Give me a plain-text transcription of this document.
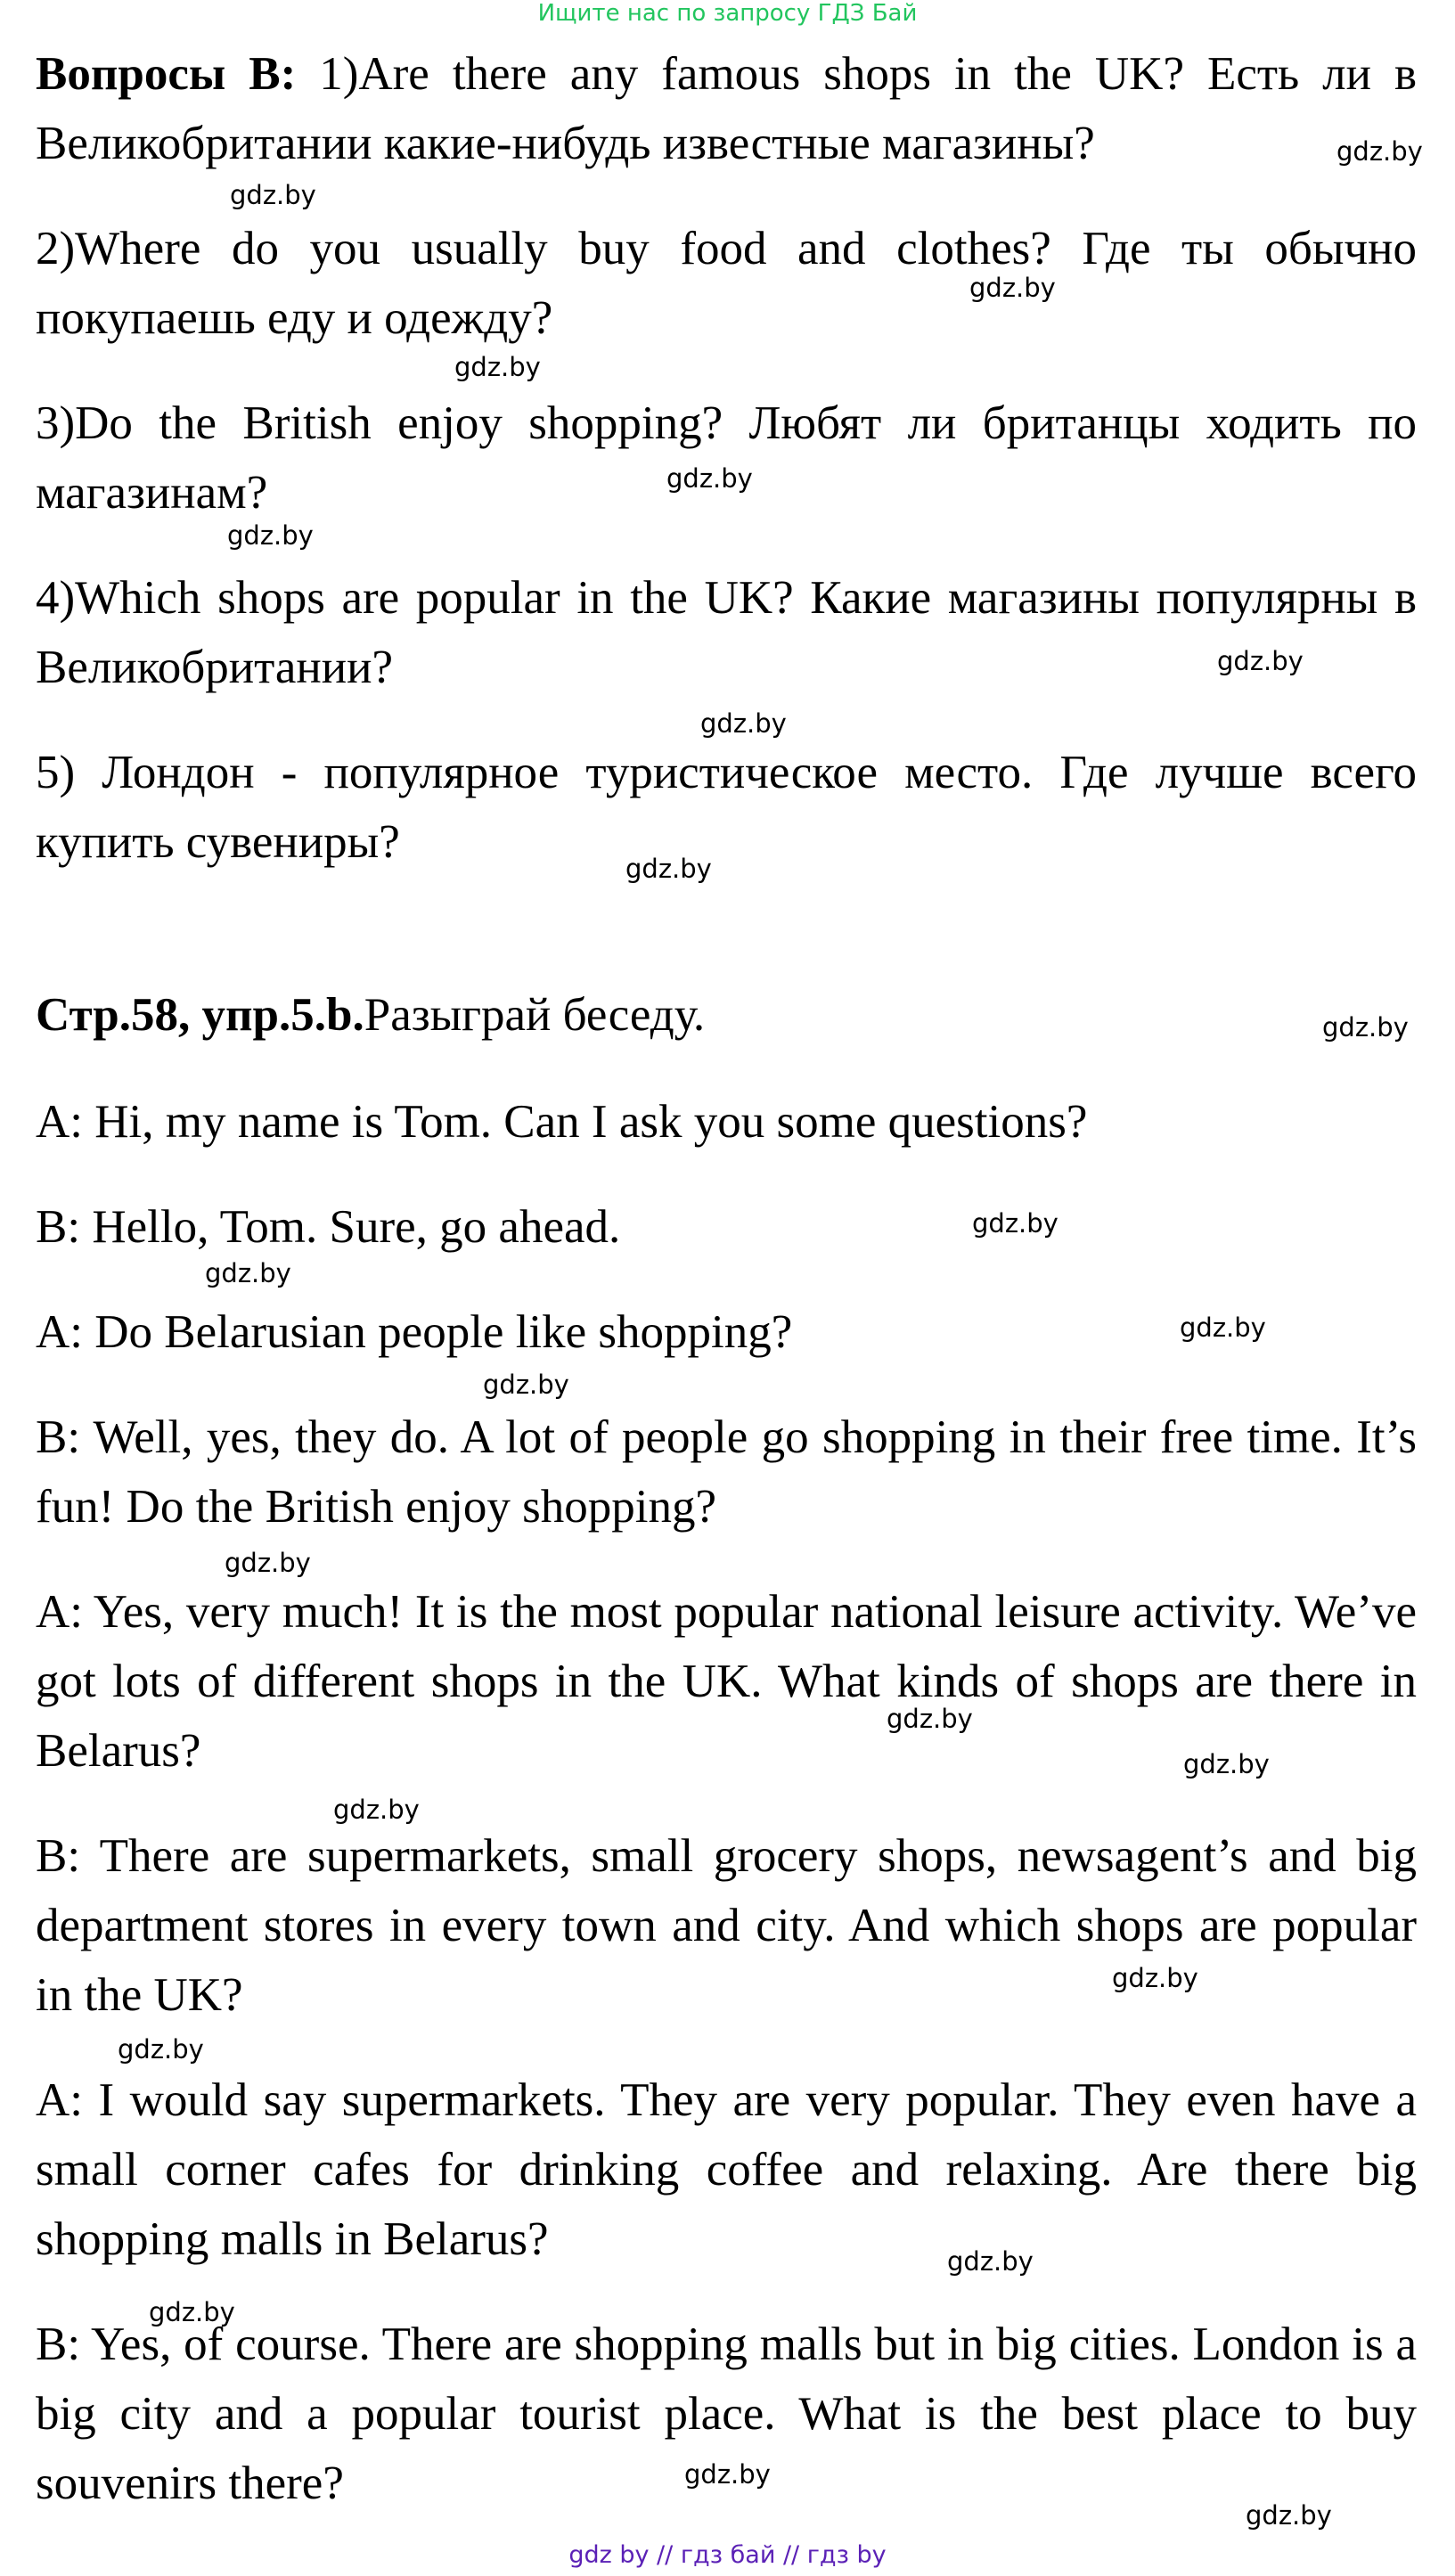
Ищите нас по запросу ГДЗ Бай
Вопросы B: 1)Are there any famous shops in the UK? Есть ли в Великобритании какие-нибудь известные магазины?
2)Where do you usually buy food and clothes? Где ты обычно покупаешь еду и одежду?
3)Do the British enjoy shopping? Любят ли британцы ходить по магазинам?
4)Which shops are popular in the UK? Какие магазины популярны в Великобритании?
5) Лондон - популярное туристическое место. Где лучше всего купить сувениры?
Стр.58, упр.5.b.Разыграй беседу.
A: Hi, my name is Tom. Can I ask you some questions?
B: Hello, Tom. Sure, go ahead.
A: Do Belarusian people like shopping?
B: Well, yes, they do. A lot of people go shopping in their free time. It’s fun! Do the British enjoy shopping?
A: Yes, very much! It is the most popular national leisure activity. We’ve got lots of different shops in the UK. What kinds of shops are there in Belarus?
B: There are supermarkets, small grocery shops, newsagent’s and big department stores in every town and city. And which shops are popular in the UK?
A: I would say supermarkets. They are very popular. They even have a small corner cafes for drinking coffee and relaxing. Are there big shopping malls in Belarus?
B: Yes, of course. There are shopping malls but in big cities. London is a big city and a popular tourist place. What is the best place to buy souvenirs there?
gdz.by
gdz.by
gdz.by
gdz.by
gdz.by
gdz.by
gdz.by
gdz.by
gdz.by
gdz.by
gdz.by
gdz.by
gdz.by
gdz.by
gdz.by
gdz.by
gdz.by
gdz.by
gdz.by
gdz.by
gdz.by
gdz.by
gdz.by
gdz.by
gdz by // гдз бай // гдз by
